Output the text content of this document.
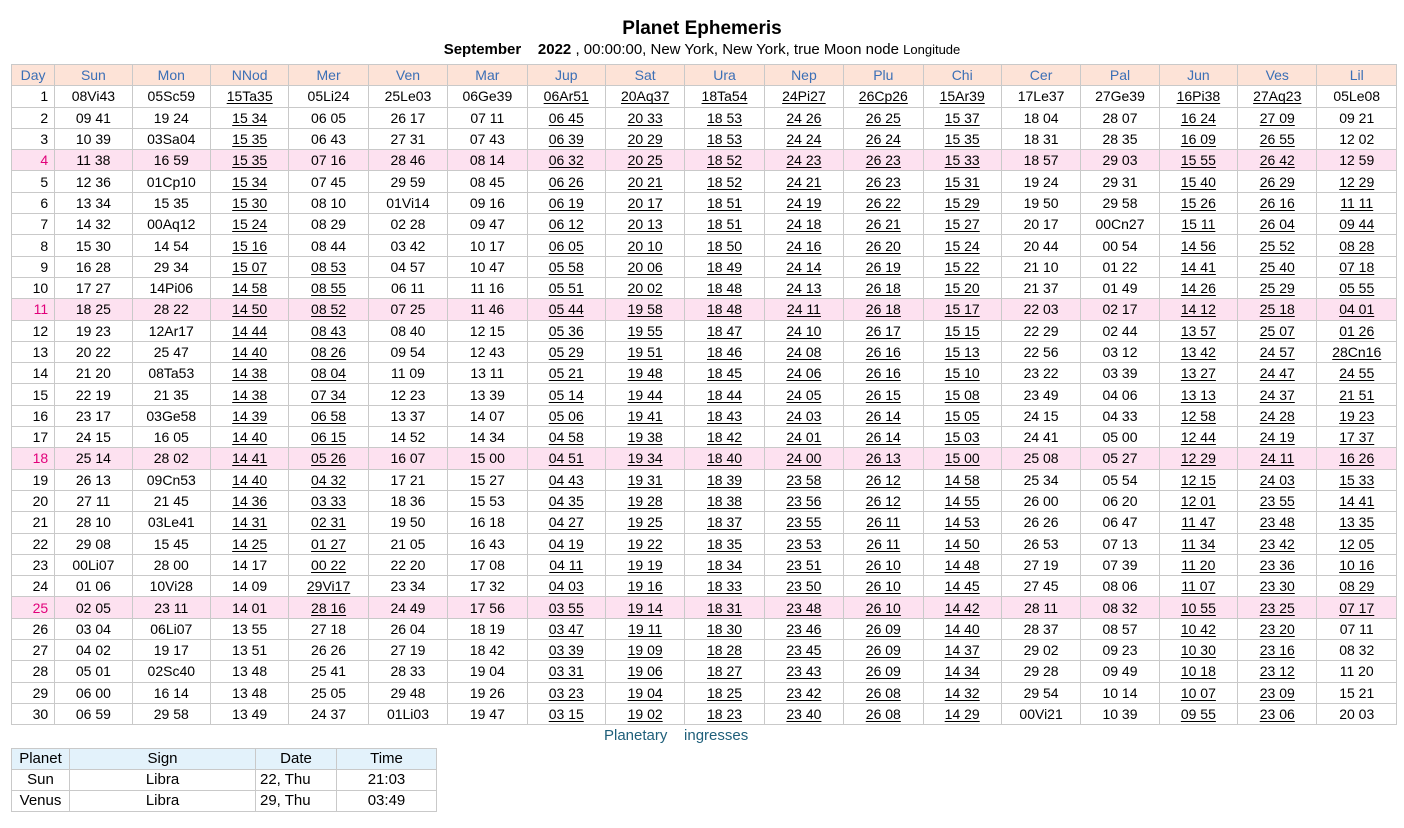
Planet Ephemeris
September 2022 , 00:00:00, New York, New York, true Moon node Longitude
Day	Sun	Mon	NNod	Mer	Ven	Mar	Jup	Sat	Ura	Nep	Plu	Chi	Cer	Pal	Jun	Ves	Lil
1	08Vi43	05Sc59	15Ta35	05Li24	25Le03	06Ge39	06Ar51	20Aq37	18Ta54	24Pi27	26Cp26	15Ar39	17Le37	27Ge39	16Pi38	27Aq23	05Le08
2	09 41	19 24	15 34	06 05	26 17	07 11	06 45	20 33	18 53	24 26	26 25	15 37	18 04	28 07	16 24	27 09	09 21
3	10 39	03Sa04	15 35	06 43	27 31	07 43	06 39	20 29	18 53	24 24	26 24	15 35	18 31	28 35	16 09	26 55	12 02
4	11 38	16 59	15 35	07 16	28 46	08 14	06 32	20 25	18 52	24 23	26 23	15 33	18 57	29 03	15 55	26 42	12 59
5	12 36	01Cp10	15 34	07 45	29 59	08 45	06 26	20 21	18 52	24 21	26 23	15 31	19 24	29 31	15 40	26 29	12 29
6	13 34	15 35	15 30	08 10	01Vi14	09 16	06 19	20 17	18 51	24 19	26 22	15 29	19 50	29 58	15 26	26 16	11 11
7	14 32	00Aq12	15 24	08 29	02 28	09 47	06 12	20 13	18 51	24 18	26 21	15 27	20 17	00Cn27	15 11	26 04	09 44
8	15 30	14 54	15 16	08 44	03 42	10 17	06 05	20 10	18 50	24 16	26 20	15 24	20 44	00 54	14 56	25 52	08 28
9	16 28	29 34	15 07	08 53	04 57	10 47	05 58	20 06	18 49	24 14	26 19	15 22	21 10	01 22	14 41	25 40	07 18
10	17 27	14Pi06	14 58	08 55	06 11	11 16	05 51	20 02	18 48	24 13	26 18	15 20	21 37	01 49	14 26	25 29	05 55
11	18 25	28 22	14 50	08 52	07 25	11 46	05 44	19 58	18 48	24 11	26 18	15 17	22 03	02 17	14 12	25 18	04 01
12	19 23	12Ar17	14 44	08 43	08 40	12 15	05 36	19 55	18 47	24 10	26 17	15 15	22 29	02 44	13 57	25 07	01 26
13	20 22	25 47	14 40	08 26	09 54	12 43	05 29	19 51	18 46	24 08	26 16	15 13	22 56	03 12	13 42	24 57	28Cn16
14	21 20	08Ta53	14 38	08 04	11 09	13 11	05 21	19 48	18 45	24 06	26 16	15 10	23 22	03 39	13 27	24 47	24 55
15	22 19	21 35	14 38	07 34	12 23	13 39	05 14	19 44	18 44	24 05	26 15	15 08	23 49	04 06	13 13	24 37	21 51
16	23 17	03Ge58	14 39	06 58	13 37	14 07	05 06	19 41	18 43	24 03	26 14	15 05	24 15	04 33	12 58	24 28	19 23
17	24 15	16 05	14 40	06 15	14 52	14 34	04 58	19 38	18 42	24 01	26 14	15 03	24 41	05 00	12 44	24 19	17 37
18	25 14	28 02	14 41	05 26	16 07	15 00	04 51	19 34	18 40	24 00	26 13	15 00	25 08	05 27	12 29	24 11	16 26
19	26 13	09Cn53	14 40	04 32	17 21	15 27	04 43	19 31	18 39	23 58	26 12	14 58	25 34	05 54	12 15	24 03	15 33
20	27 11	21 45	14 36	03 33	18 36	15 53	04 35	19 28	18 38	23 56	26 12	14 55	26 00	06 20	12 01	23 55	14 41
21	28 10	03Le41	14 31	02 31	19 50	16 18	04 27	19 25	18 37	23 55	26 11	14 53	26 26	06 47	11 47	23 48	13 35
22	29 08	15 45	14 25	01 27	21 05	16 43	04 19	19 22	18 35	23 53	26 11	14 50	26 53	07 13	11 34	23 42	12 05
23	00Li07	28 00	14 17	00 22	22 20	17 08	04 11	19 19	18 34	23 51	26 10	14 48	27 19	07 39	11 20	23 36	10 16
24	01 06	10Vi28	14 09	29Vi17	23 34	17 32	04 03	19 16	18 33	23 50	26 10	14 45	27 45	08 06	11 07	23 30	08 29
25	02 05	23 11	14 01	28 16	24 49	17 56	03 55	19 14	18 31	23 48	26 10	14 42	28 11	08 32	10 55	23 25	07 17
26	03 04	06Li07	13 55	27 18	26 04	18 19	03 47	19 11	18 30	23 46	26 09	14 40	28 37	08 57	10 42	23 20	07 11
27	04 02	19 17	13 51	26 26	27 19	18 42	03 39	19 09	18 28	23 45	26 09	14 37	29 02	09 23	10 30	23 16	08 32
28	05 01	02Sc40	13 48	25 41	28 33	19 04	03 31	19 06	18 27	23 43	26 09	14 34	29 28	09 49	10 18	23 12	11 20
29	06 00	16 14	13 48	25 05	29 48	19 26	03 23	19 04	18 25	23 42	26 08	14 32	29 54	10 14	10 07	23 09	15 21
30	06 59	29 58	13 49	24 37	01Li03	19 47	03 15	19 02	18 23	23 40	26 08	14 29	00Vi21	10 39	09 55	23 06	20 03
Planetary    ingresses
Planet	Sign	Date	Time
Sun	Libra	22, Thu	21:03
Venus	Libra	29, Thu	03:49
